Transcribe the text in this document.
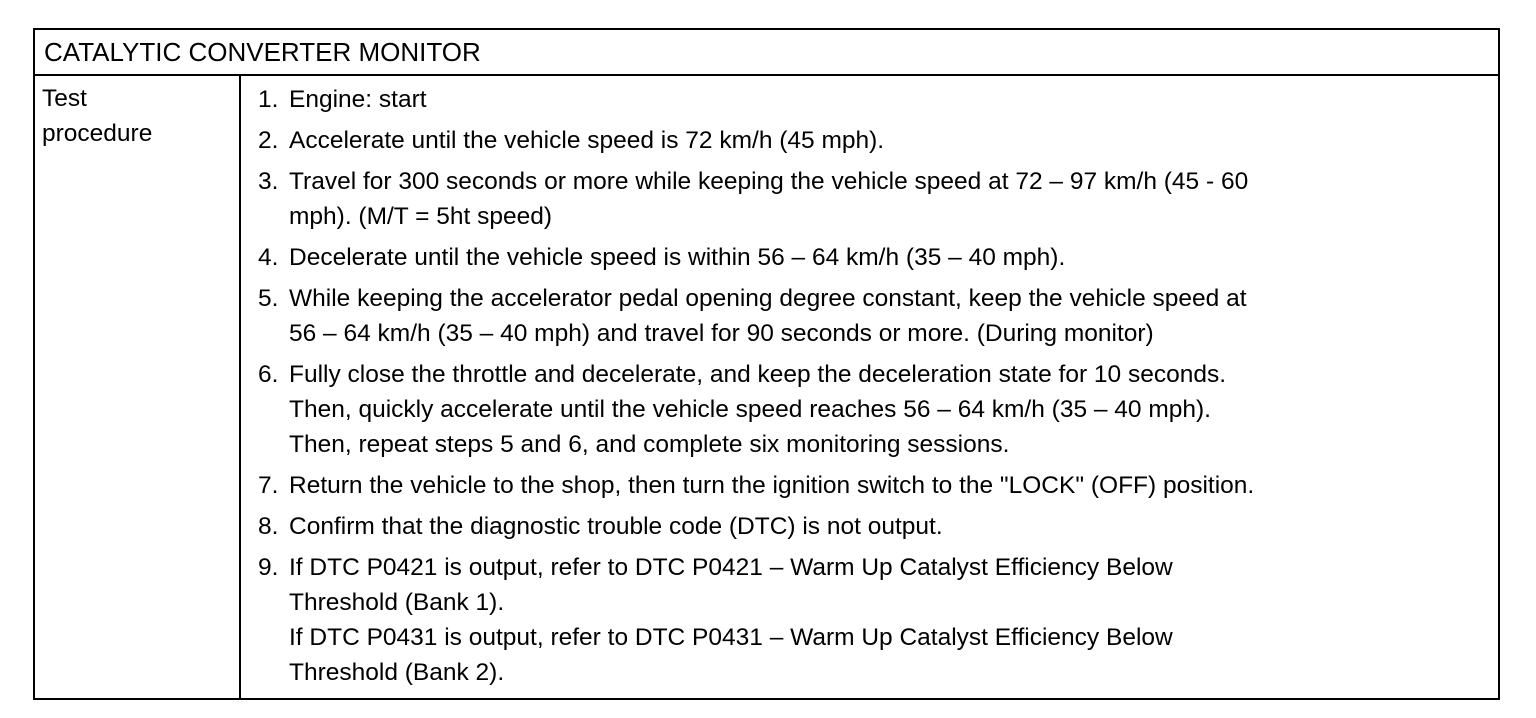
CATALYTIC CONVERTER MONITOR
Test procedure
1. Engine: start
2. Accelerate until the vehicle speed is 72 km/h (45 mph).
3. Travel for 300 seconds or more while keeping the vehicle speed at 72 – 97 km/h (45 - 60
mph). (M/T = 5ht speed)
4. Decelerate until the vehicle speed is within 56 – 64 km/h (35 – 40 mph).
5. While keeping the accelerator pedal opening degree constant, keep the vehicle speed at
56 – 64 km/h (35 – 40 mph) and travel for 90 seconds or more. (During monitor)
6. Fully close the throttle and decelerate, and keep the deceleration state for 10 seconds.
Then, quickly accelerate until the vehicle speed reaches 56 – 64 km/h (35 – 40 mph).
Then, repeat steps 5 and 6, and complete six monitoring sessions.
7. Return the vehicle to the shop, then turn the ignition switch to the "LOCK" (OFF) position.
8. Confirm that the diagnostic trouble code (DTC) is not output.
9. If DTC P0421 is output, refer to DTC P0421 – Warm Up Catalyst Efficiency Below
Threshold (Bank 1).
If DTC P0431 is output, refer to DTC P0431 – Warm Up Catalyst Efficiency Below
Threshold (Bank 2).
